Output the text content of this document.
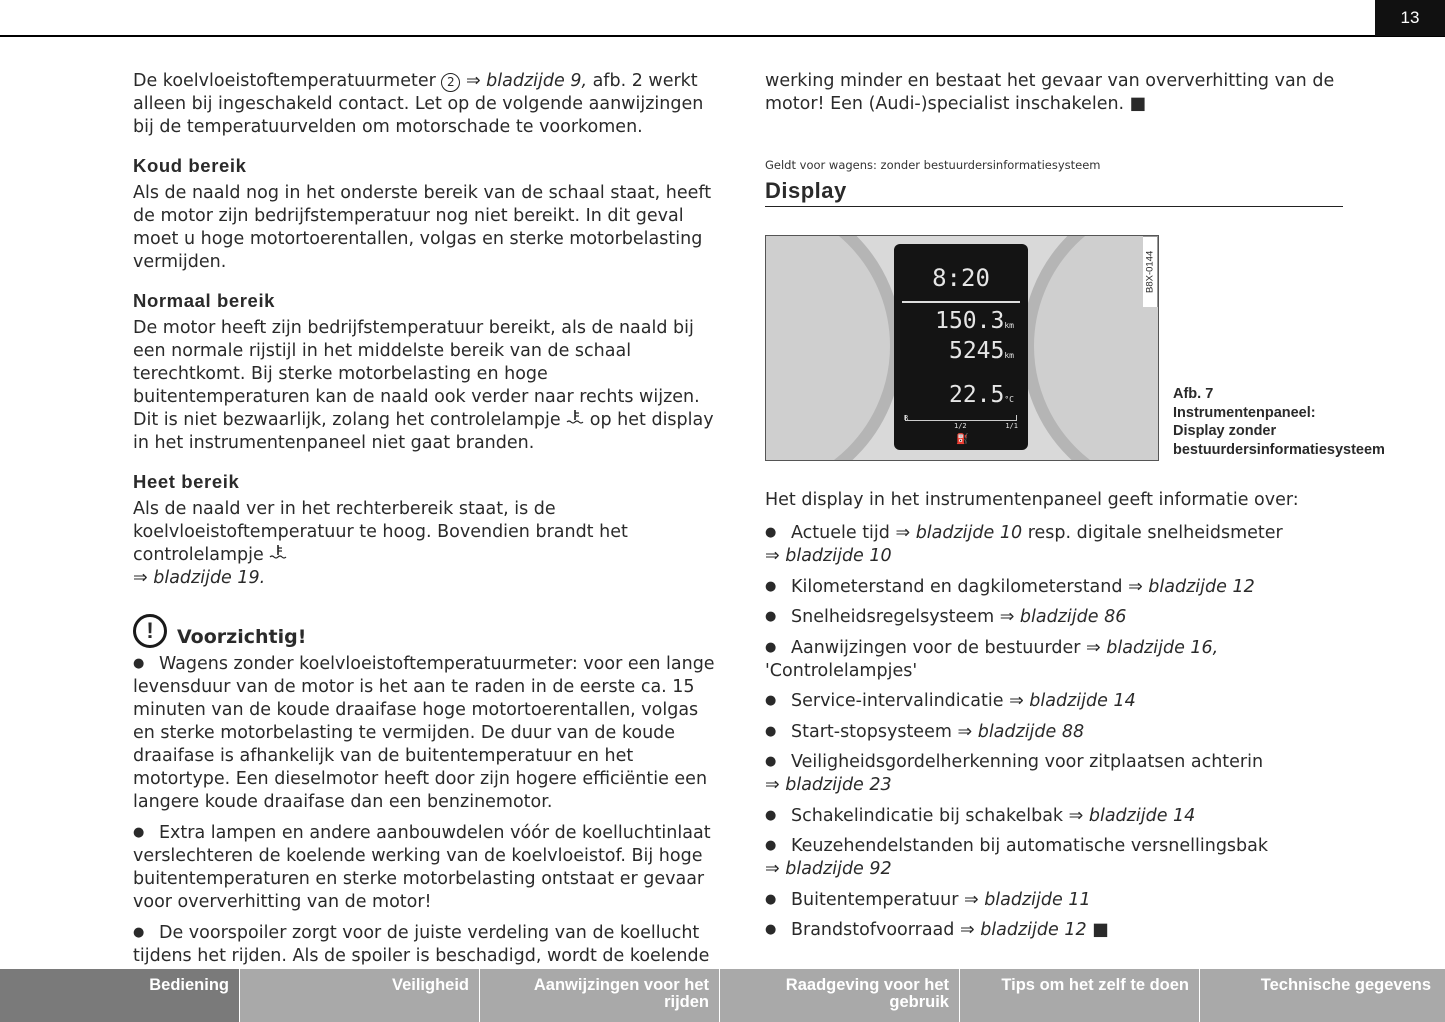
13

De koelvloeistoftemperatuurmeter 2 ⇒ bladzijde 9, afb. 2 werkt alleen bij ingeschakeld contact. Let op de volgende aanwijzingen bij de temperatuurvelden om motorschade te voorkomen.

Koud bereik

Als de naald nog in het onderste bereik van de schaal staat, heeft de motor zijn bedrijfstemperatuur nog niet bereikt. In dit geval moet u hoge motortoerentallen, volgas en sterke motorbelasting vermijden.

Normaal bereik

De motor heeft zijn bedrijfstemperatuur bereikt, als de naald bij een normale rijstijl in het middelste bereik van de schaal terechtkomt. Bij sterke motorbelasting en hoge buitentemperaturen kan de naald ook verder naar rechts wijzen. Dit is niet bezwaarlijk, zolang het controlelampje op het display in het instrumentenpaneel niet gaat branden.

Heet bereik

Als de naald ver in het rechterbereik staat, is de koelvloeistoftemperatuur te hoog. Bovendien brandt het controlelampje
⇒ bladzijde 19.

!	Voorzichtig!

● Wagens zonder koelvloeistoftemperatuurmeter: voor een lange levensduur van de motor is het aan te raden in de eerste ca. 15 minuten van de koude draaifase hoge motortoerentallen, volgas en sterke motorbelasting te vermijden. De duur van de koude draaifase is afhankelijk van de buitentemperatuur en het motortype. Een dieselmotor heeft door zijn hogere efficiëntie een langere koude draaifase dan een benzinemotor.

● Extra lampen en andere aanbouwdelen vóór de koelluchtinlaat verslechteren de koelende werking van de koelvloeistof. Bij hoge buitentemperaturen en sterke motorbelasting ontstaat er gevaar voor oververhitting van de motor!

● De voorspoiler zorgt voor de juiste verdeling van de koellucht tijdens het rijden. Als de spoiler is beschadigd, wordt de koelende

werking minder en bestaat het gevaar van oververhitting van de motor! Een (Audi-)specialist inschakelen. ■

Geldt voor wagens: zonder bestuurdersinformatiesysteem
Display
8:20
150.3km
5245km
22.5°C
R
1/2	1/1
⛽
B8X-0144
Afb. 7 Instrumentenpaneel: Display zonder bestuurdersinformatiesysteem

Het display in het instrumentenpaneel geeft informatie over:

● Actuele tijd ⇒ bladzijde 10 resp. digitale snelheidsmeter
⇒ bladzijde 10

● Kilometerstand en dagkilometerstand ⇒ bladzijde 12

● Snelheidsregelsysteem ⇒ bladzijde 86

● Aanwijzingen voor de bestuurder ⇒ bladzijde 16, 'Controlelampjes'

● Service-intervalindicatie ⇒ bladzijde 14

● Start-stopsysteem ⇒ bladzijde 88

● Veiligheidsgordelherkenning voor zitplaatsen achterin
⇒ bladzijde 23

● Schakelindicatie bij schakelbak ⇒ bladzijde 14

● Keuzehendelstanden bij automatische versnellingsbak
⇒ bladzijde 92

● Buitentemperatuur ⇒ bladzijde 11

● Brandstofvoorraad ⇒ bladzijde 12 ■

Bediening	Veiligheid	Aanwijzingen voor het rijden
Raadgeving voor het gebruik
Tips om het zelf te doen	Technische gegevens
